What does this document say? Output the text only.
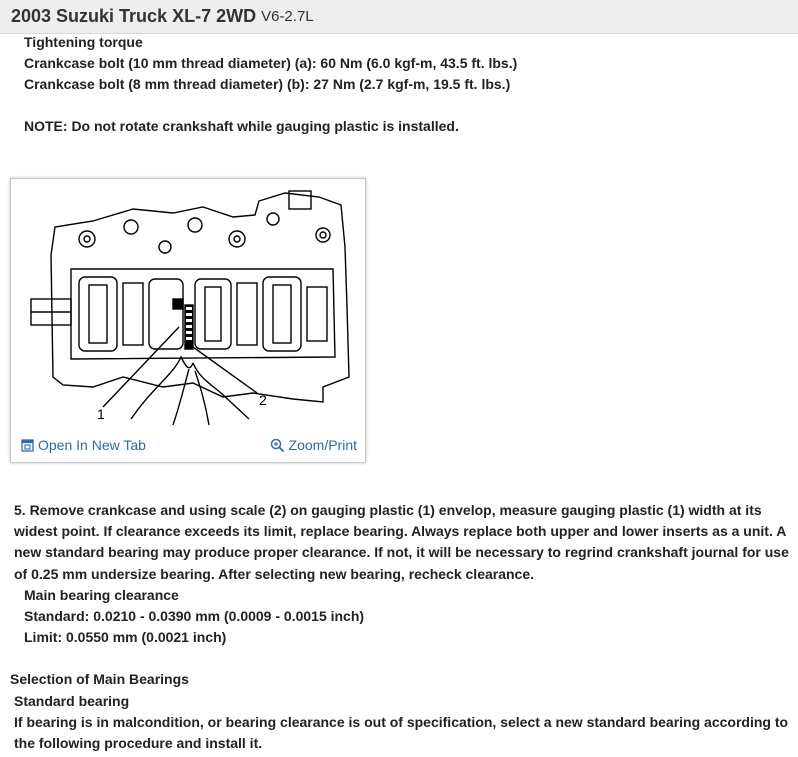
2003 Suzuki Truck XL-7 2WD V6-2.7L
Tightening torque
Crankcase bolt (10 mm thread diameter) (a): 60 Nm (6.0 kgf-m, 43.5 ft. lbs.)
Crankcase bolt (8 mm thread diameter) (b): 27 Nm (2.7 kgf-m, 19.5 ft. lbs.)
NOTE: Do not rotate crankshaft while gauging plastic is installed.
1
2
Open In New Tab	Zoom/Print
5. Remove crankcase and using scale (2) on gauging plastic (1) envelop, measure gauging plastic (1) width at its widest point. If clearance exceeds its limit, replace bearing. Always replace both upper and lower inserts as a unit. A new standard bearing may produce proper clearance. If not, it will be necessary to regrind crankshaft journal for use of 0.25 mm undersize bearing. After selecting new bearing, recheck clearance.
Main bearing clearance
Standard: 0.0210 - 0.0390 mm (0.0009 - 0.0015 inch)
Limit: 0.0550 mm (0.0021 inch)
Selection of Main Bearings
Standard bearing
If bearing is in malcondition, or bearing clearance is out of specification, select a new standard bearing according to the following procedure and install it.
